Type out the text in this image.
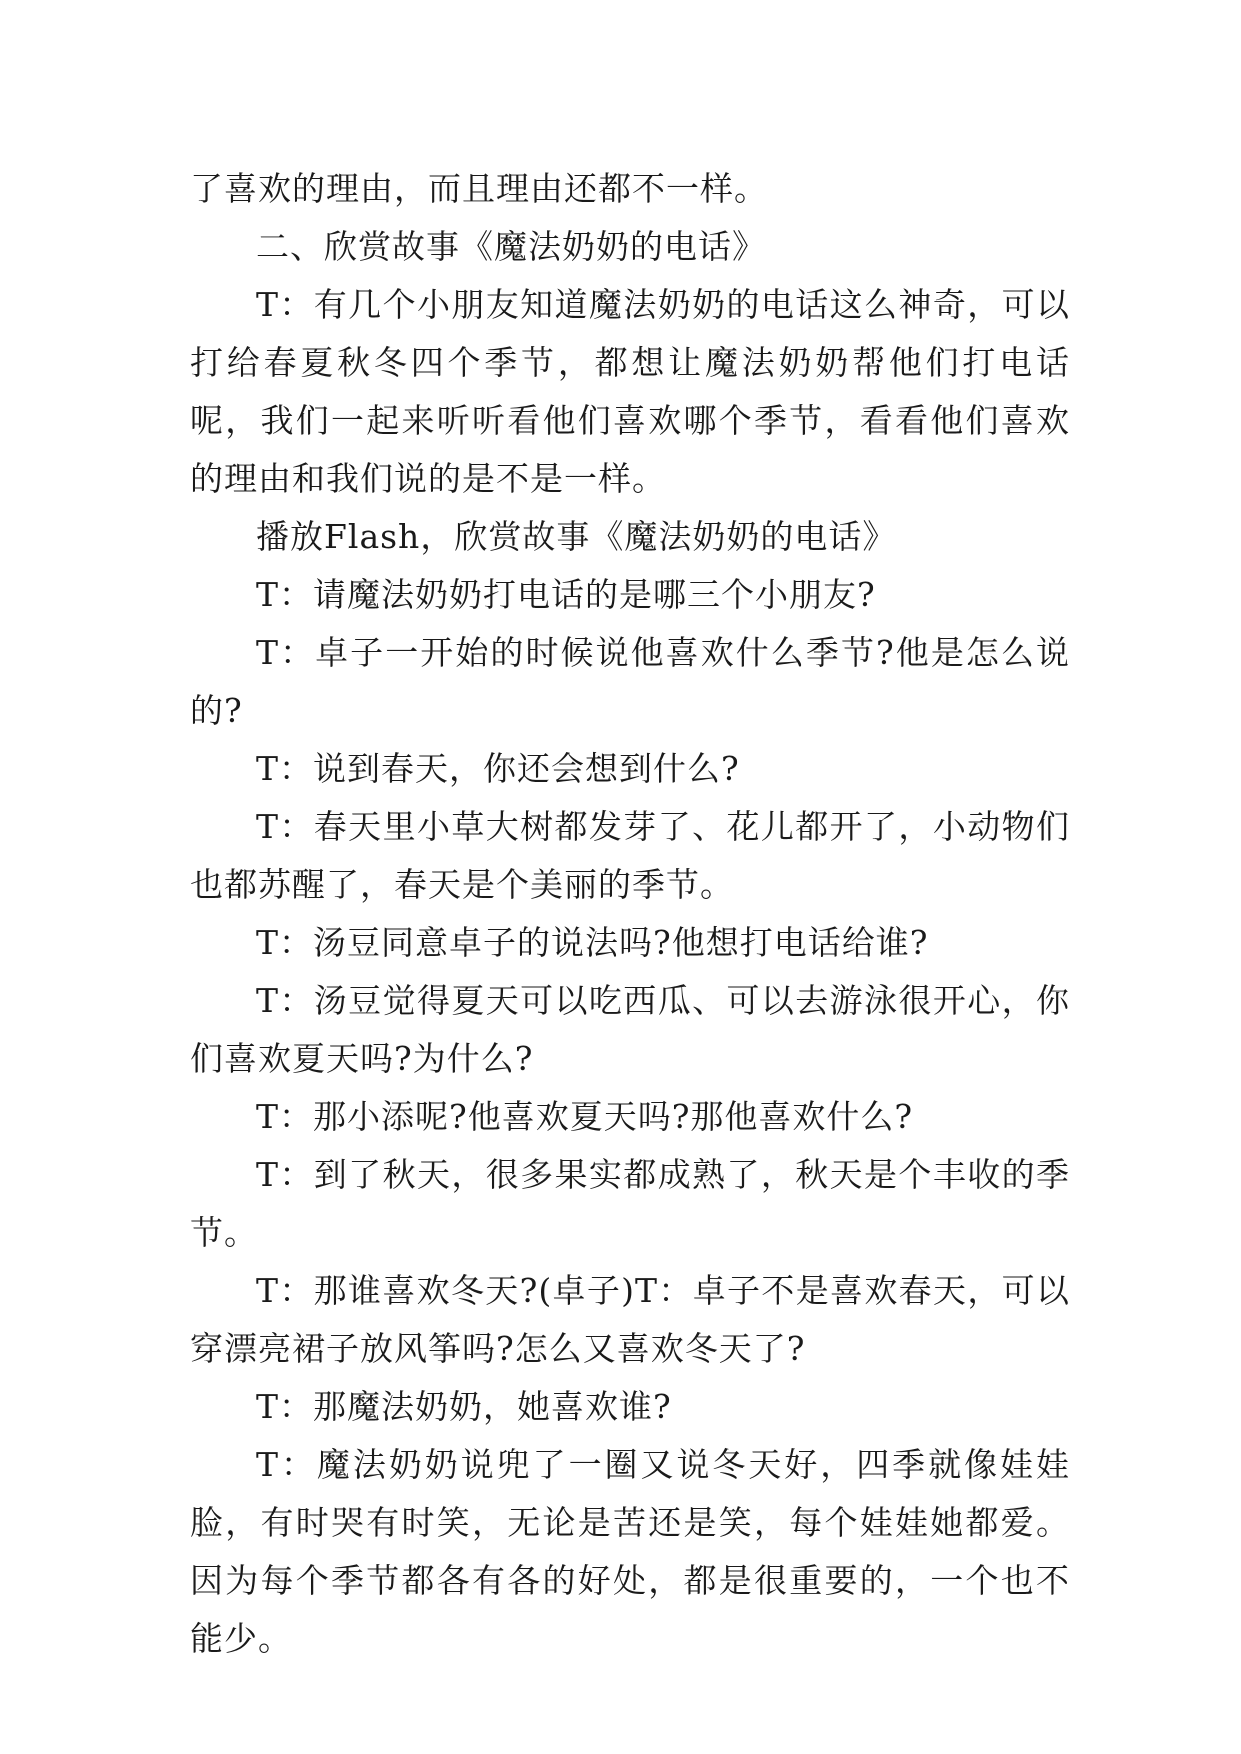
了喜欢的理由，而且理由还都不一样。

二、欣赏故事《魔法奶奶的电话》

T：有几个小朋友知道魔法奶奶的电话这么神奇，可以打给春夏秋冬四个季节，都想让魔法奶奶帮他们打电话呢，我们一起来听听看他们喜欢哪个季节，看看他们喜欢的理由和我们说的是不是一样。

播放Flash，欣赏故事《魔法奶奶的电话》

T：请魔法奶奶打电话的是哪三个小朋友?

T：卓子一开始的时候说他喜欢什么季节?他是怎么说的?

T：说到春天，你还会想到什么?

T：春天里小草大树都发芽了、花儿都开了，小动物们也都苏醒了，春天是个美丽的季节。

T：汤豆同意卓子的说法吗?他想打电话给谁?

T：汤豆觉得夏天可以吃西瓜、可以去游泳很开心，你们喜欢夏天吗?为什么?

T：那小添呢?他喜欢夏天吗?那他喜欢什么?

T：到了秋天，很多果实都成熟了，秋天是个丰收的季节。

T：那谁喜欢冬天?(卓子)T：卓子不是喜欢春天，可以穿漂亮裙子放风筝吗?怎么又喜欢冬天了?

T：那魔法奶奶，她喜欢谁?

T：魔法奶奶说兜了一圈又说冬天好，四季就像娃娃脸，有时哭有时笑，无论是苦还是笑，每个娃娃她都爱。因为每个季节都各有各的好处，都是很重要的，一个也不能少。
